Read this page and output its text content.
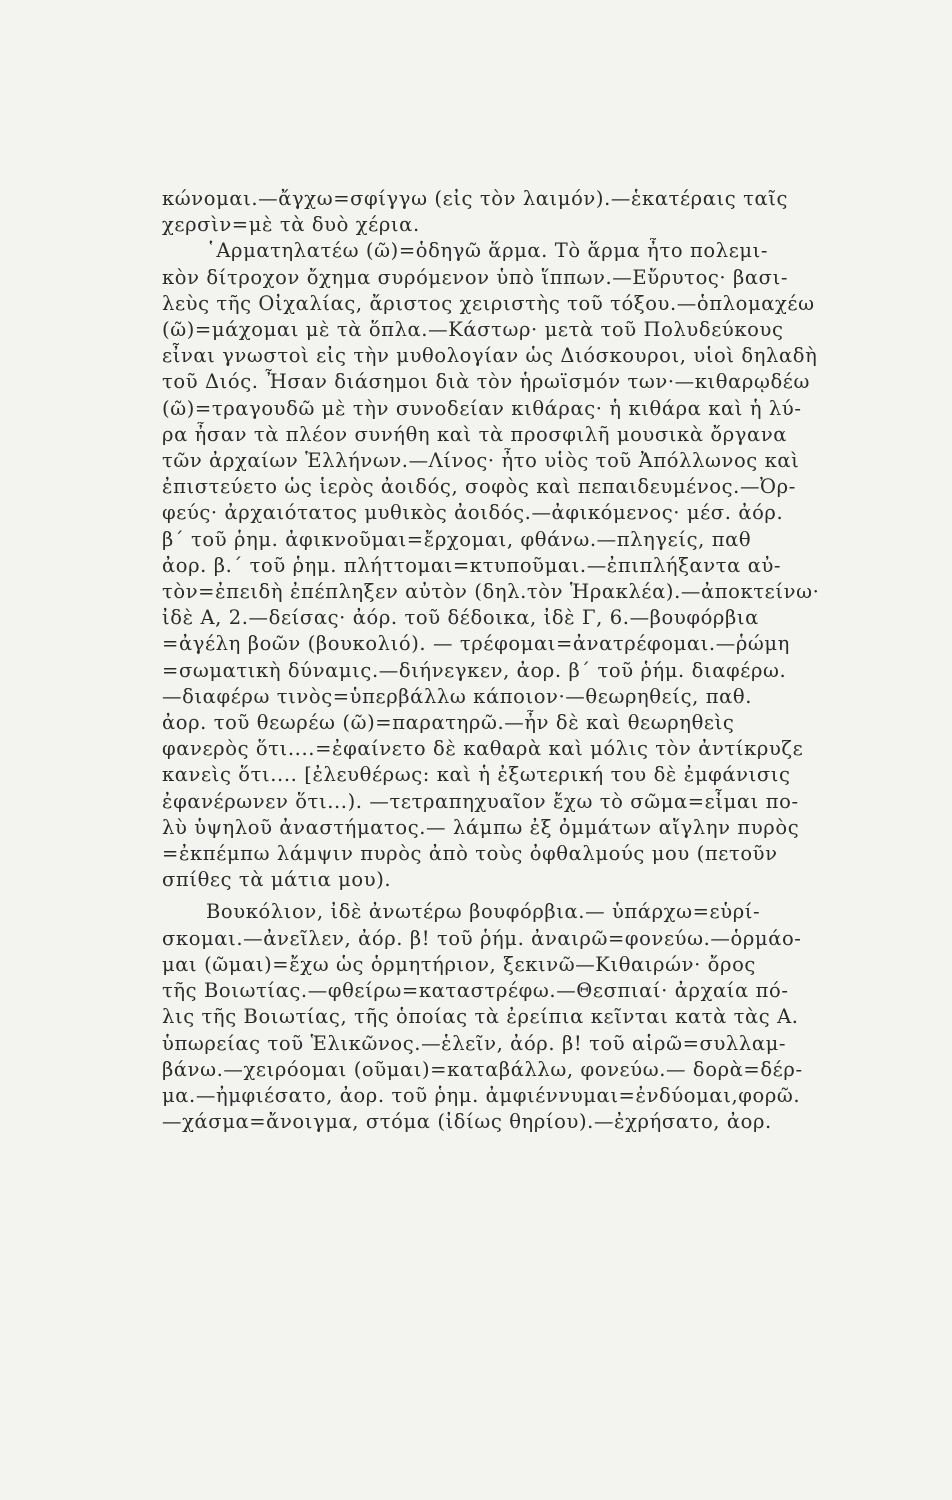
κώνομαι.—ἄγχω=σφίγγω (εἰς τὸν λαιμόν).—ἑκατέραις ταῖς
χερσὶν=μὲ τὰ δυὸ χέρια.
῾Αρματηλατέω (ῶ)=ὁδηγῶ ἅρμα. Τὸ ἅρμα ἦτο πολεμι-
κὸν δίτροχον ὄχημα συρόμενον ὑπὸ ἵππων.—Εὔρυτος· βασι-
λεὺς τῆς Οἰχαλίας, ἄριστος χειριστὴς τοῦ τόξου.—ὁπλομαχέω
(ῶ)=μάχομαι μὲ τὰ ὅπλα.—Κάστωρ· μετὰ τοῦ Πολυδεύκους
εἶναι γνωστοὶ εἰς τὴν μυθολογίαν ὡς Διόσκουροι, υἱοὶ δηλαδὴ
τοῦ Διός. Ἦσαν διάσημοι διὰ τὸν ἡρωϊσμόν των·—κιθαρῳδέω
(ῶ)=τραγουδῶ μὲ τὴν συνοδείαν κιθάρας· ἡ κιθάρα καὶ ἡ λύ-
ρα ἦσαν τὰ πλέον συνήθη καὶ τὰ προσφιλῆ μουσικὰ ὄργανα
τῶν ἀρχαίων Ἑλλήνων.—Λίνος· ἦτο υἱὸς τοῦ Ἀπόλλωνος καὶ
ἐπιστεύετο ὡς ἱερὸς ἀοιδός, σοφὸς καὶ πεπαιδευμένος.—Ὀρ-
φεύς· ἀρχαιότατος μυθικὸς ἀοιδός.—ἀφικόμενος· μέσ. ἀόρ.
β΄ τοῦ ῥημ. ἀφικνοῦμαι=ἔρχομαι, φθάνω.—πληγείς, παθ
ἀορ. β.΄ τοῦ ῥημ. πλήττομαι=κτυποῦμαι.—ἐπιπλήξαντα αὐ-
τὸν=ἐπειδὴ ἐπέπληξεν αὐτὸν (δηλ.τὸν Ἡρακλέα).—ἀποκτείνω·
ἰδὲ Α, 2.—δείσας· ἀόρ. τοῦ δέδοικα, ἰδὲ Γ, 6.—βουφόρβια
=ἀγέλη βοῶν (βουκολιό). — τρέφομαι=ἀνατρέφομαι.—ῥώμη
=σωματικὴ δύναμις.—διήνεγκεν, ἀορ. β΄ τοῦ ῥήμ. διαφέρω.
—διαφέρω τινὸς=ὑπερβάλλω κάποιον·—θεωρηθείς, παθ.
ἀορ. τοῦ θεωρέω (ῶ)=παρατηρῶ.—ἦν δὲ καὶ θεωρηθεὶς
φανερὸς ὅτι....=ἐφαίνετο δὲ καθαρὰ καὶ μόλις τὸν ἀντίκρυζε
κανεὶς ὅτι.... [ἐλευθέρως: καὶ ἡ ἐξωτερική του δὲ ἐμφάνισις
ἐφανέρωνεν ὅτι...). —τετραπηχυαῖον ἔχω τὸ σῶμα=εἶμαι πο-
λὺ ὑψηλοῦ ἀναστήματος.— λάμπω ἐξ ὀμμάτων αἴγλην πυρὸς
=ἐκπέμπω λάμψιν πυρὸς ἀπὸ τοὺς ὀφθαλμούς μου (πετοῦν
σπίθες τὰ μάτια μου).
Βουκόλιον, ἰδὲ ἀνωτέρω βουφόρβια.— ὑπάρχω=εὑρί-
σκομαι.—ἀνεῖλεν, ἀόρ. β! τοῦ ῥήμ. ἀναιρῶ=φονεύω.—ὁρμάο-
μαι (ῶμαι)=ἔχω ὡς ὁρμητήριον, ξεκινῶ—Κιθαιρών· ὄρος
τῆς Βοιωτίας.—φθείρω=καταστρέφω.—Θεσπιαί· ἀρχαία πό-
λις τῆς Βοιωτίας, τῆς ὁποίας τὰ ἐρείπια κεῖνται κατὰ τὰς Α.
ὑπωρείας τοῦ Ἑλικῶνος.—ἑλεῖν, ἀόρ. β! τοῦ αἱρῶ=συλλαμ-
βάνω.—χειρόομαι (οῦμαι)=καταβάλλω, φονεύω.— δορὰ=δέρ-
μα.—ἠμφιέσατο, ἀορ. τοῦ ῥημ. ἀμφιέννυμαι=ἐνδύομαι,φορῶ.
—χάσμα=ἄνοιγμα, στόμα (ἰδίως θηρίου).—ἐχρήσατο, ἀορ.
